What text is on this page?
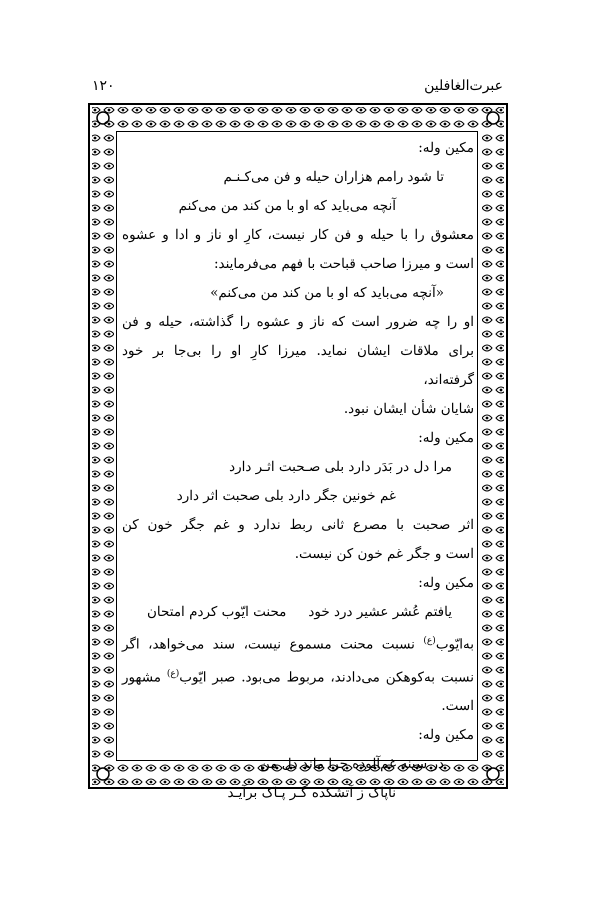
عبرت‌الغافلین
۱۲۰
مکین وله:
تا شود رامم هزاران حیله و فن می‌کـنـم
آنچه می‌باید که او با من کند من می‌کنم
معشوق را با حیله و فن کار نیست، کارِ او ناز و ادا و عشوه
است و میرزا صاحب قباحت با فهم می‌فرمایند:
«آنچه می‌باید که او با من کند من می‌کنم»
او را چه ضرور است که ناز و عشوه را گذاشته، حیله و فن
برای ملاقات ایشان نماید. میرزا کارِ او را بی‌جا بر خود گرفته‌اند،
شایان شأن ایشان نبود.
مکین وله:
مرا دل در بَدَر دارد بلی صـحبت اثـر دارد
غم خونین جگر دارد بلی صحبت اثر دارد
اثر صحبت با مصرع ثانی ربط ندارد و غم جگر خون کن
است و جگر غم خون کن نیست.
مکین وله:
یافتم عُشر عشیر درد خود
محنت ایّوب کردم امتحان
به‌ایّوب$^{(ع)}$ نسبت محنت مسموع نیست، سند می‌خواهد، اگر
نسبت به‌کوهکن می‌دادند، مربوط می‌بود. صبر ایّوب$^{(ع)}$ مشهور
است.
مکین وله:
در سینه غم‌آلوده چرا ماند دل من
ناپاک ز آتشکده گـر پـاک برآیـد
